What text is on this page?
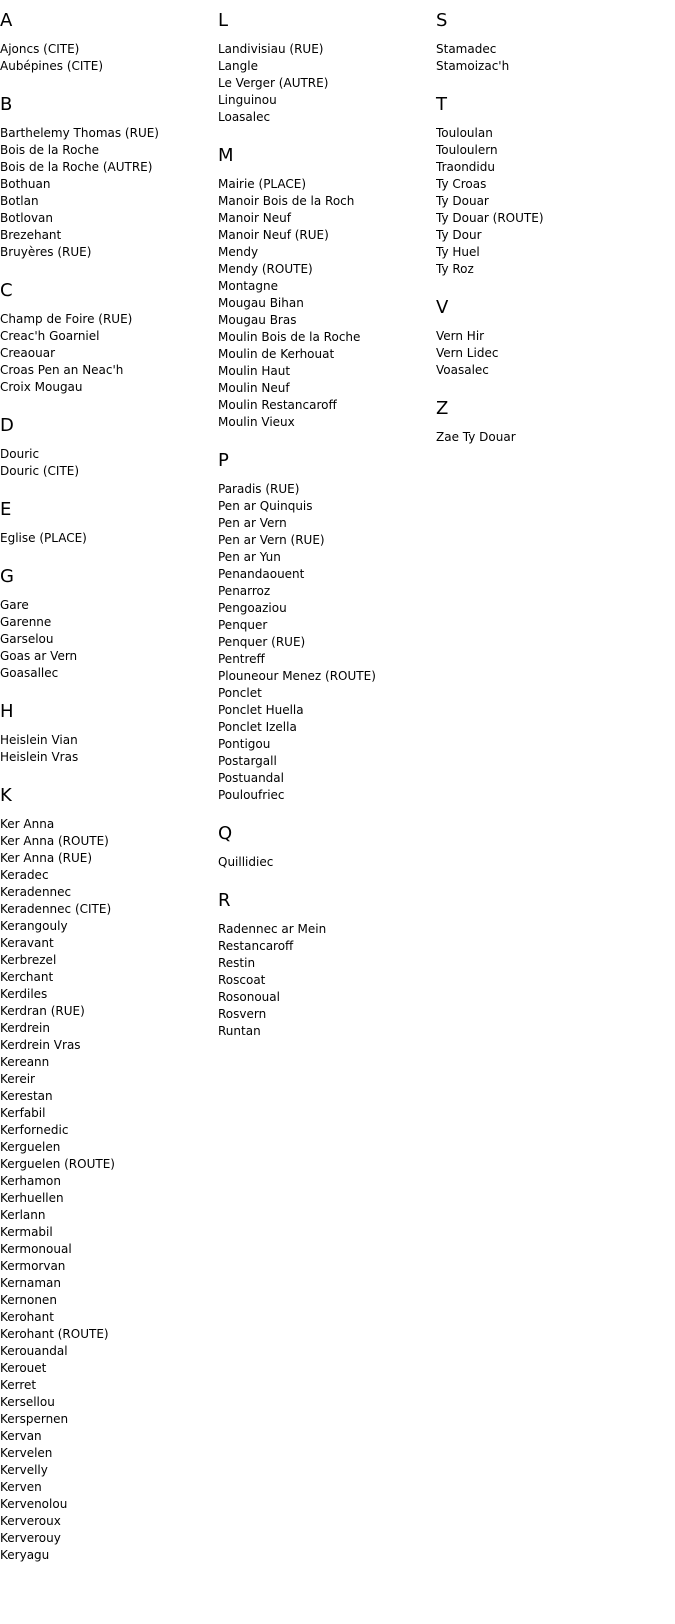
A
Ajoncs (CITE)
Aubépines (CITE)
B
Barthelemy Thomas (RUE)
Bois de la Roche
Bois de la Roche (AUTRE)
Bothuan
Botlan
Botlovan
Brezehant
Bruyères (RUE)
C
Champ de Foire (RUE)
Creac'h Goarniel
Creaouar
Croas Pen an Neac'h
Croix Mougau
D
Douric
Douric (CITE)
E
Eglise (PLACE)
G
Gare
Garenne
Garselou
Goas ar Vern
Goasallec
H
Heislein Vian
Heislein Vras
K
Ker Anna
Ker Anna (ROUTE)
Ker Anna (RUE)
Keradec
Keradennec
Keradennec (CITE)
Kerangouly
Keravant
Kerbrezel
Kerchant
Kerdiles
Kerdran (RUE)
Kerdrein
Kerdrein Vras
Kereann
Kereir
Kerestan
Kerfabil
Kerfornedic
Kerguelen
Kerguelen (ROUTE)
Kerhamon
Kerhuellen
Kerlann
Kermabil
Kermonoual
Kermorvan
Kernaman
Kernonen
Kerohant
Kerohant (ROUTE)
Kerouandal
Kerouet
Kerret
Kersellou
Kerspernen
Kervan
Kervelen
Kervelly
Kerven
Kervenolou
Kerveroux
Kerverouy
Keryagu
L
Landivisiau (RUE)
Langle
Le Verger (AUTRE)
Linguinou
Loasalec
M
Mairie (PLACE)
Manoir Bois de la Roch
Manoir Neuf
Manoir Neuf (RUE)
Mendy
Mendy (ROUTE)
Montagne
Mougau Bihan
Mougau Bras
Moulin Bois de la Roche
Moulin de Kerhouat
Moulin Haut
Moulin Neuf
Moulin Restancaroff
Moulin Vieux
P
Paradis (RUE)
Pen ar Quinquis
Pen ar Vern
Pen ar Vern (RUE)
Pen ar Yun
Penandaouent
Penarroz
Pengoaziou
Penquer
Penquer (RUE)
Pentreff
Plouneour Menez (ROUTE)
Ponclet
Ponclet Huella
Ponclet Izella
Pontigou
Postargall
Postuandal
Pouloufriec
Q
Quillidiec
R
Radennec ar Mein
Restancaroff
Restin
Roscoat
Rosonoual
Rosvern
Runtan
S
Stamadec
Stamoizac'h
T
Touloulan
Touloulern
Traondidu
Ty Croas
Ty Douar
Ty Douar (ROUTE)
Ty Dour
Ty Huel
Ty Roz
V
Vern Hir
Vern Lidec
Voasalec
Z
Zae Ty Douar
